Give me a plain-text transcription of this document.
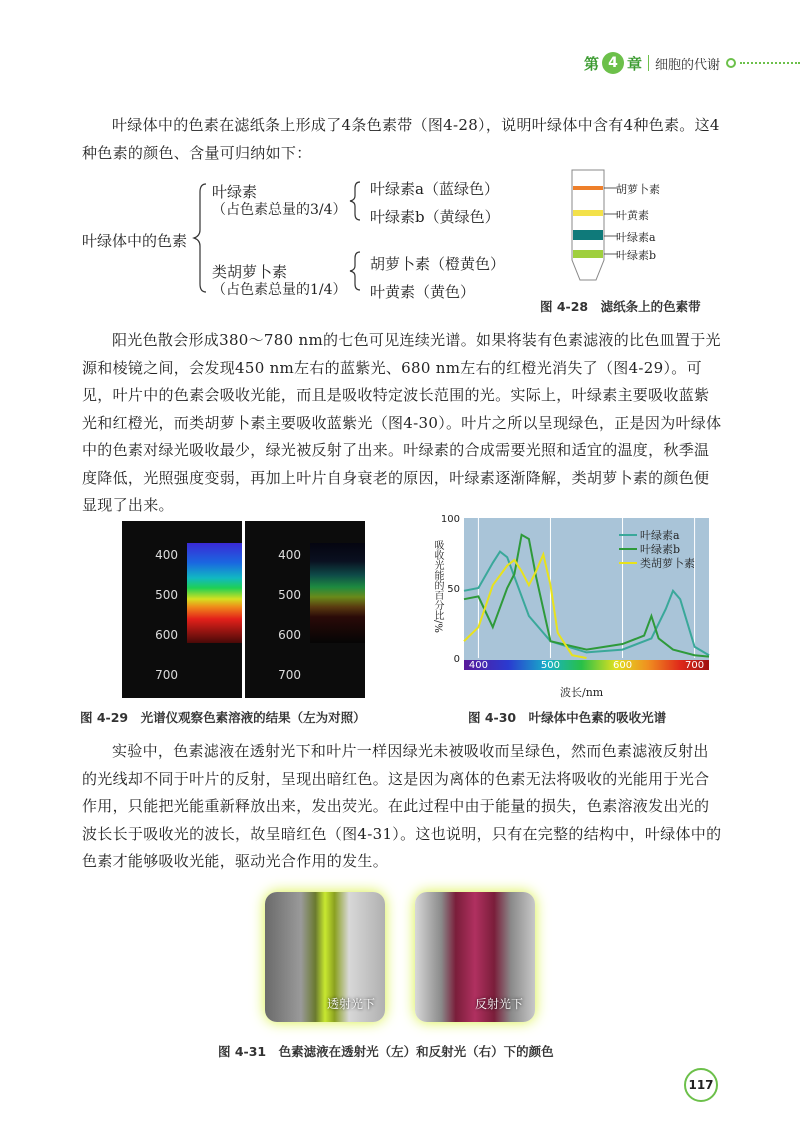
第 4 章 细胞的代谢

叶绿体中的色素在滤纸条上形成了4条色素带（图4-28），说明叶绿体中含有4种色素。这4种色素的颜色、含量可归纳如下：

叶绿体中的色素
叶绿素
（占色素总量的3/4）
叶绿素a（蓝绿色）
叶绿素b（黄绿色）
类胡萝卜素
（占色素总量的1/4）
胡萝卜素（橙黄色）
叶黄素（黄色）
胡萝卜素
叶黄素
叶绿素a
叶绿素b
图 4-28　滤纸条上的色素带

阳光色散会形成380～780 nm的七色可见连续光谱。如果将装有色素滤液的比色皿置于光源和棱镜之间，会发现450 nm左右的蓝紫光、680 nm左右的红橙光消失了（图4-29）。可见，叶片中的色素会吸收光能，而且是吸收特定波长范围的光。实际上，叶绿素主要吸收蓝紫光和红橙光，而类胡萝卜素主要吸收蓝紫光（图4-30）。叶片之所以呈现绿色，正是因为叶绿体中的色素对绿光吸收最少，绿光被反射了出来。叶绿素的合成需要光照和适宜的温度，秋季温度降低，光照强度变弱，再加上叶片自身衰老的原因，叶绿素逐渐降解，类胡萝卜素的颜色便显现了出来。

400
500
600
700
400
500
600
700
图 4-29　光谱仪观察色素溶液的结果（左为对照）
400	500	600	700
0
50
100
叶绿素a
叶绿素b
类胡萝卜素
吸收光能的百分比/%
波长/nm
图 4-30　叶绿体中色素的吸收光谱

实验中，色素滤液在透射光下和叶片一样因绿光未被吸收而呈绿色，然而色素滤液反射出的光线却不同于叶片的反射，呈现出暗红色。这是因为离体的色素无法将吸收的光能用于光合作用，只能把光能重新释放出来，发出荧光。在此过程中由于能量的损失，色素溶液发出光的波长长于吸收光的波长，故呈暗红色（图4-31）。这也说明，只有在完整的结构中，叶绿体中的色素才能够吸收光能，驱动光合作用的发生。

透射光下	反射光下
图 4-31　色素滤液在透射光（左）和反射光（右）下的颜色
117
